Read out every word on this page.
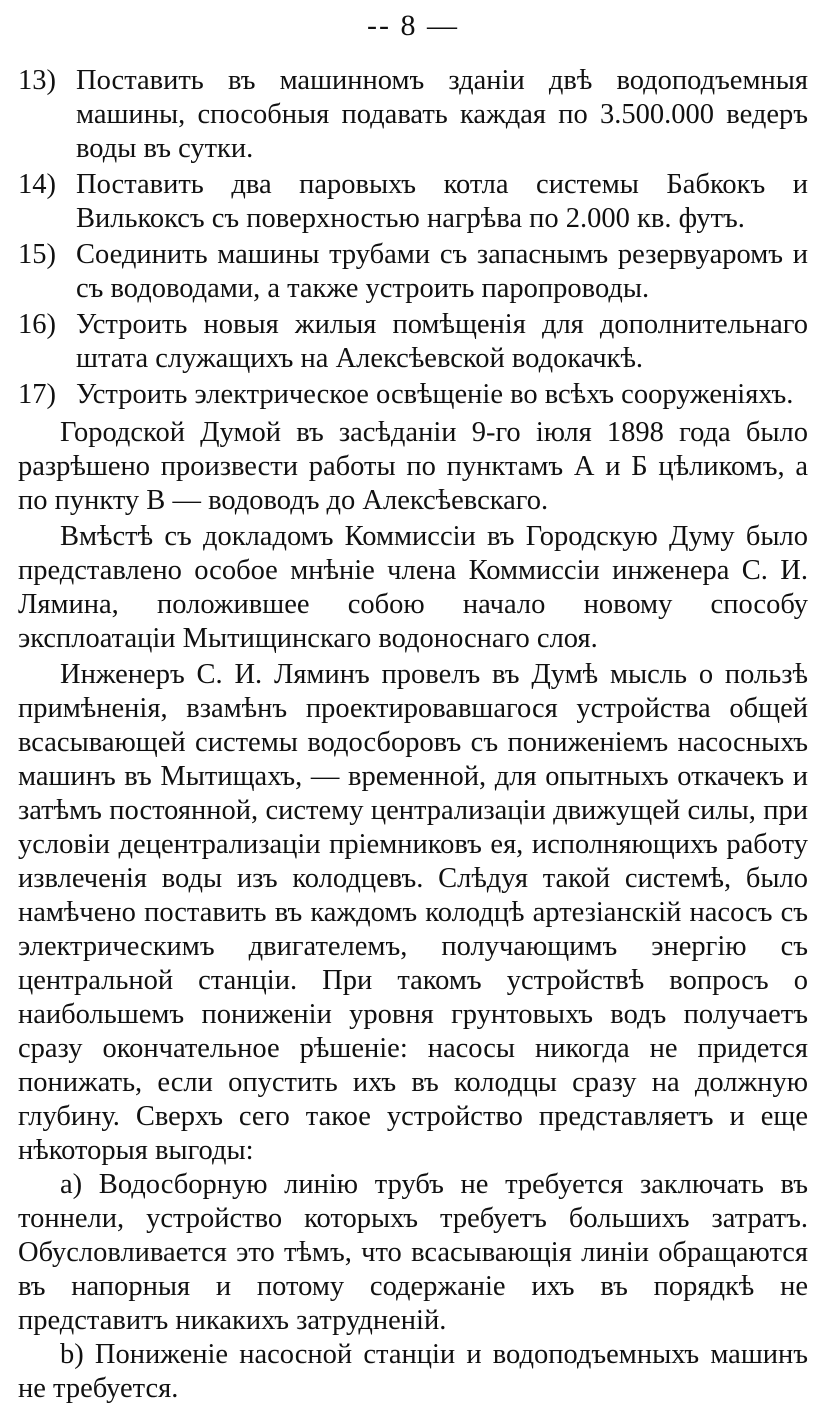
-- 8 —
13) Поставить въ машинномъ зданіи двѣ водоподъемныя машины, способныя подавать каждая по 3.500.000 ведеръ воды въ сутки.
14) Поставить два паровыхъ котла системы Бабкокъ и Вилькоксъ съ поверхностью нагрѣва по 2.000 кв. футъ.
15) Соединить машины трубами съ запаснымъ резервуаромъ и съ водоводами, а также устроить паропроводы.
16) Устроить новыя жилыя помѣщенія для дополнительнаго штата служащихъ на Алексѣевской водокачкѣ.
17) Устроить электрическое освѣщеніе во всѣхъ сооруженіяхъ.

Городской Думой въ засѣданіи 9-го іюля 1898 года было разрѣшено произвести работы по пунктамъ А и Б цѣликомъ, а по пункту В — водоводъ до Алексѣевскаго.

Вмѣстѣ съ докладомъ Коммиссіи въ Городскую Думу было представлено особое мнѣніе члена Коммиссіи инженера С. И. Лямина, положившее собою начало новому способу эксплоатаціи Мытищинскаго водоноснаго слоя.

Инженеръ С. И. Ляминъ провелъ въ Думѣ мысль о пользѣ примѣненія, взамѣнъ проектировавшагося устройства общей всасывающей системы водосборовъ съ пониженіемъ насосныхъ машинъ въ Мытищахъ, — временной, для опытныхъ откачекъ и затѣмъ постоянной, систему централизаціи движущей силы, при условіи децентрализаціи пріемниковъ ея, исполняющихъ работу извлеченія воды изъ колодцевъ. Слѣдуя такой системѣ, было намѣчено поставить въ каждомъ колодцѣ артезіанскій насосъ съ электрическимъ двигателемъ, получающимъ энергію съ центральной станціи. При такомъ устройствѣ вопросъ о наибольшемъ пониженіи уровня грунтовыхъ водъ получаетъ сразу окончательное рѣшеніе: насосы никогда не придется понижать, если опустить ихъ въ колодцы сразу на должную глубину. Сверхъ сего такое устройство представляетъ и еще нѣкоторыя выгоды:

а) Водосборную линію трубъ не требуется заключать въ тоннели, устройство которыхъ требуетъ большихъ затратъ. Обусловливается это тѣмъ, что всасывающія линіи обращаются въ напорныя и потому содержаніе ихъ въ порядкѣ не представитъ никакихъ затрудненій.

b) Пониженіе насосной станціи и водоподъемныхъ машинъ не требуется.
